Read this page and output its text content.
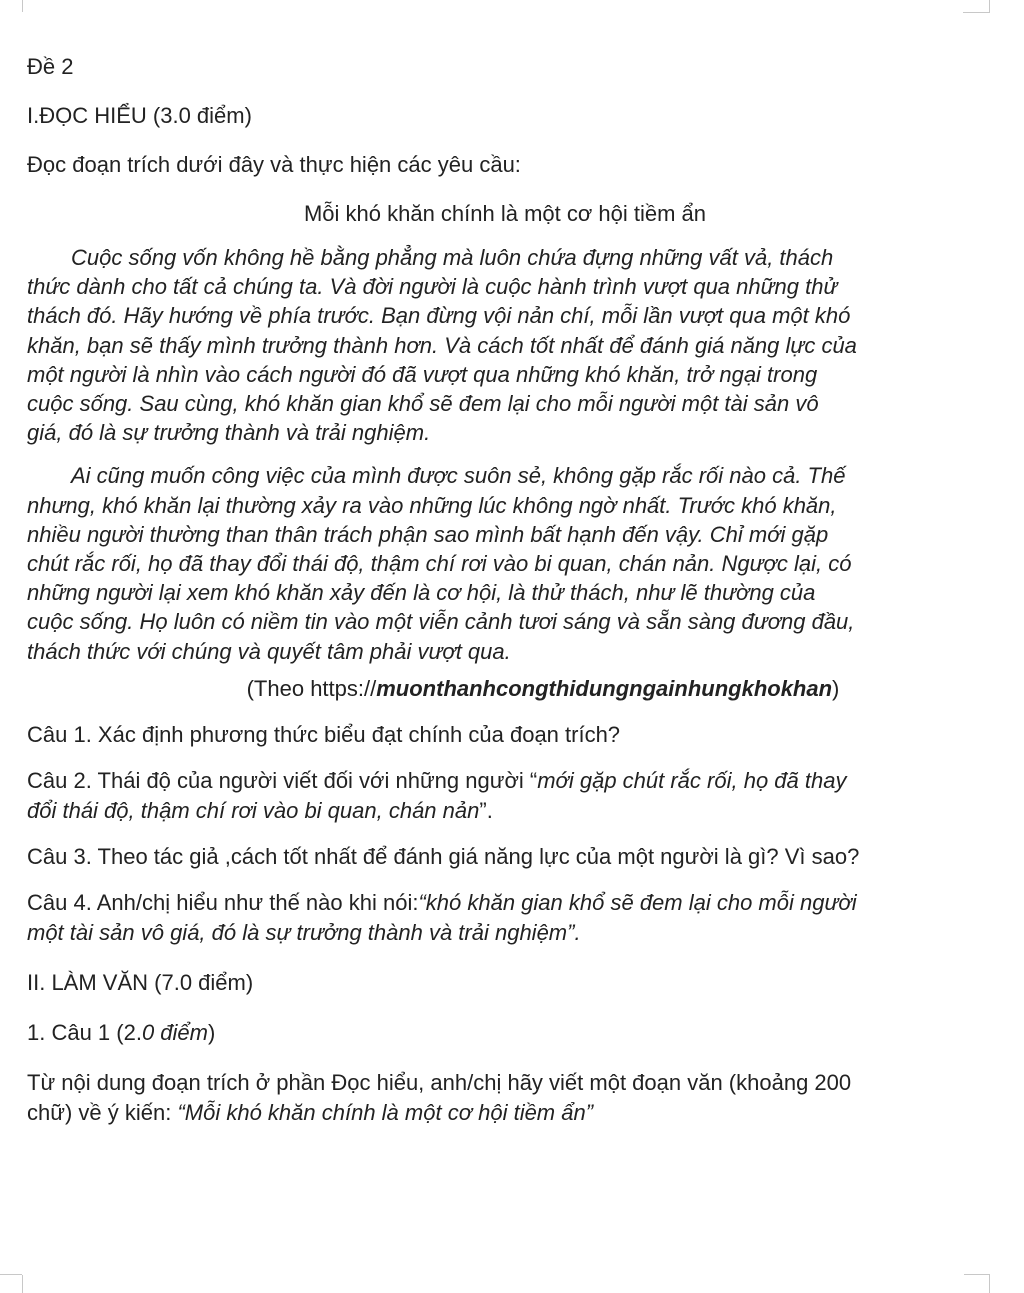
Đề 2

I.ĐỌC HIỂU (3.0 điểm)

Đọc đoạn trích dưới đây và thực hiện các yêu cầu:

Mỗi khó khăn chính là một cơ hội tiềm ẩn

Cuộc sống vốn không hề bằng phẳng mà luôn chứa đựng những vất vả, thách

thức dành cho tất cả chúng ta. Và đời người là cuộc hành trình vượt qua những thử

thách đó. Hãy hướng về phía trước. Bạn đừng vội nản chí, mỗi lần vượt qua một khó

khăn, bạn sẽ thấy mình trưởng thành hơn. Và cách tốt nhất để đánh giá năng lực của

một người là nhìn vào cách người đó đã vượt qua những khó khăn, trở ngại trong

cuộc sống. Sau cùng, khó khăn gian khổ sẽ đem lại cho mỗi người một tài sản vô

giá, đó là sự trưởng thành và trải nghiệm.

Ai cũng muốn công việc của mình được suôn sẻ, không gặp rắc rối nào cả. Thế

nhưng, khó khăn lại thường xảy ra vào những lúc không ngờ nhất. Trước khó khăn,

nhiều người thường than thân trách phận sao mình bất hạnh đến vậy. Chỉ mới gặp

chút rắc rối, họ đã thay đổi thái độ, thậm chí rơi vào bi quan, chán nản. Ngược lại, có

những người lại xem khó khăn xảy đến là cơ hội, là thử thách, như lẽ thường của

cuộc sống. Họ luôn có niềm tin vào một viễn cảnh tươi sáng và sẵn sàng đương đầu,

thách thức với chúng và quyết tâm phải vượt qua.

(Theo https://muonthanhcongthidungngainhungkhokhan)

Câu 1. Xác định phương thức biểu đạt chính của đoạn trích?

Câu 2. Thái độ của người viết đối với những người “mới gặp chút rắc rối, họ đã thay
đổi thái độ, thậm chí rơi vào bi quan, chán nản”.

Câu 3. Theo tác giả ,cách tốt nhất để đánh giá năng lực của một người là gì? Vì sao?

Câu 4. Anh/chị hiểu như thế nào khi nói:“khó khăn gian khổ sẽ đem lại cho mỗi người
một tài sản vô giá, đó là sự trưởng thành và trải nghiệm”.

II. LÀM VĂN (7.0 điểm)

1. Câu 1 (2.0 điểm)

Từ nội dung đoạn trích ở phần Đọc hiểu, anh/chị hãy viết một đoạn văn (khoảng 200
chữ) về ý kiến: “Mỗi khó khăn chính là một cơ hội tiềm ẩn”
